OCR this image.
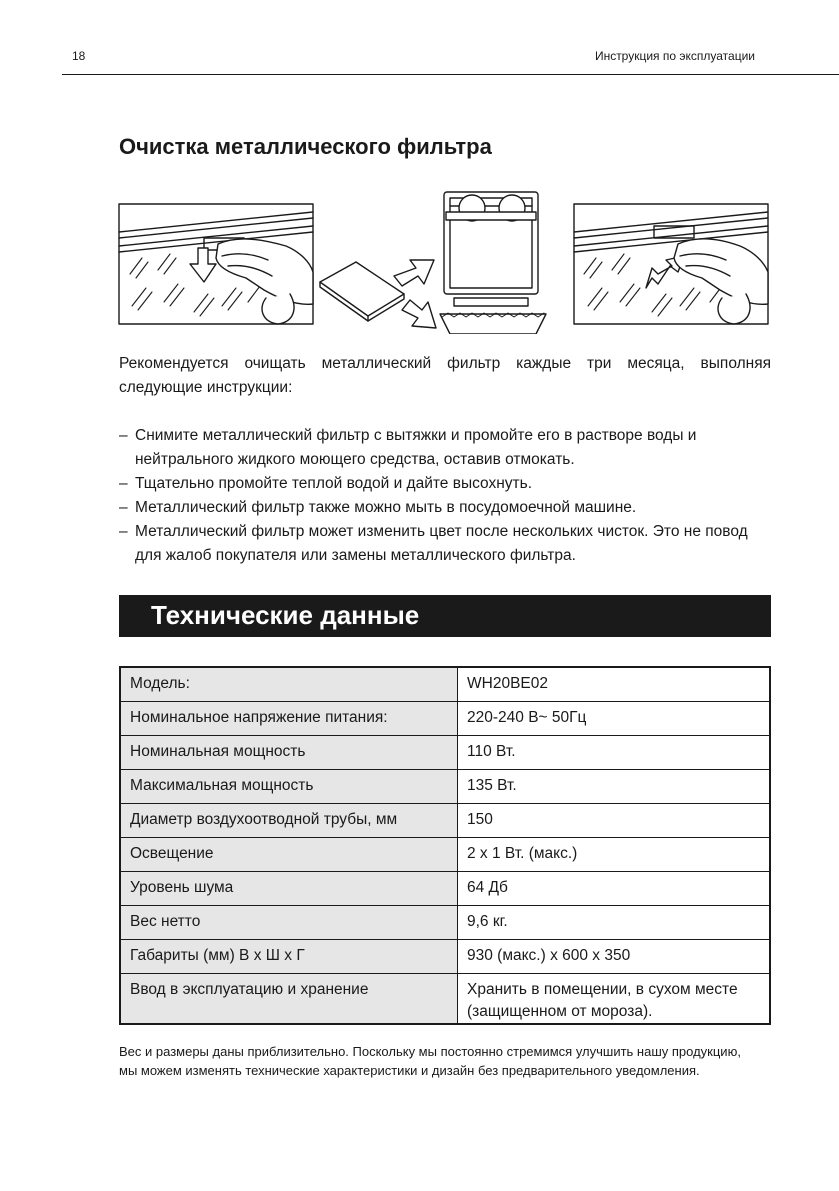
18	Инструкция по эксплуатации
Очистка металлического фильтра

Рекомендуется очищать металлический фильтр каждые три месяца, выполняя следующие инструкции:

– Снимите металлический фильтр с вытяжки и промойте его в растворе воды и нейтрального жидкого моющего средства, оставив отмокать.
– Тщательно промойте теплой водой и дайте высохнуть.
– Металлический фильтр также можно мыть в посудомоечной машине.
– Металлический фильтр может изменить цвет после нескольких чисток. Это не повод для жалоб покупателя или замены металлического фильтра.
Технические данные
Модель:	WH20BE02
Номинальное напряжение питания:	220-240 В~ 50Гц
Номинальная мощность	110 Вт.
Максимальная мощность	135 Вт.
Диаметр воздухоотводной трубы, мм	150
Освещение	2 х 1 Вт. (макс.)
Уровень шума	64 Дб
Вес нетто	9,6 кг.
Габариты (мм) В х Ш х Г	930 (макс.) х 600 х 350
Ввод в эксплуатацию и хранение	Хранить в помещении, в сухом месте (защищенном от мороза).

Вес и размеры даны приблизительно. Поскольку мы постоянно стремимся улучшить нашу продукцию, мы можем изменять технические характеристики и дизайн без предварительного уведомления.
